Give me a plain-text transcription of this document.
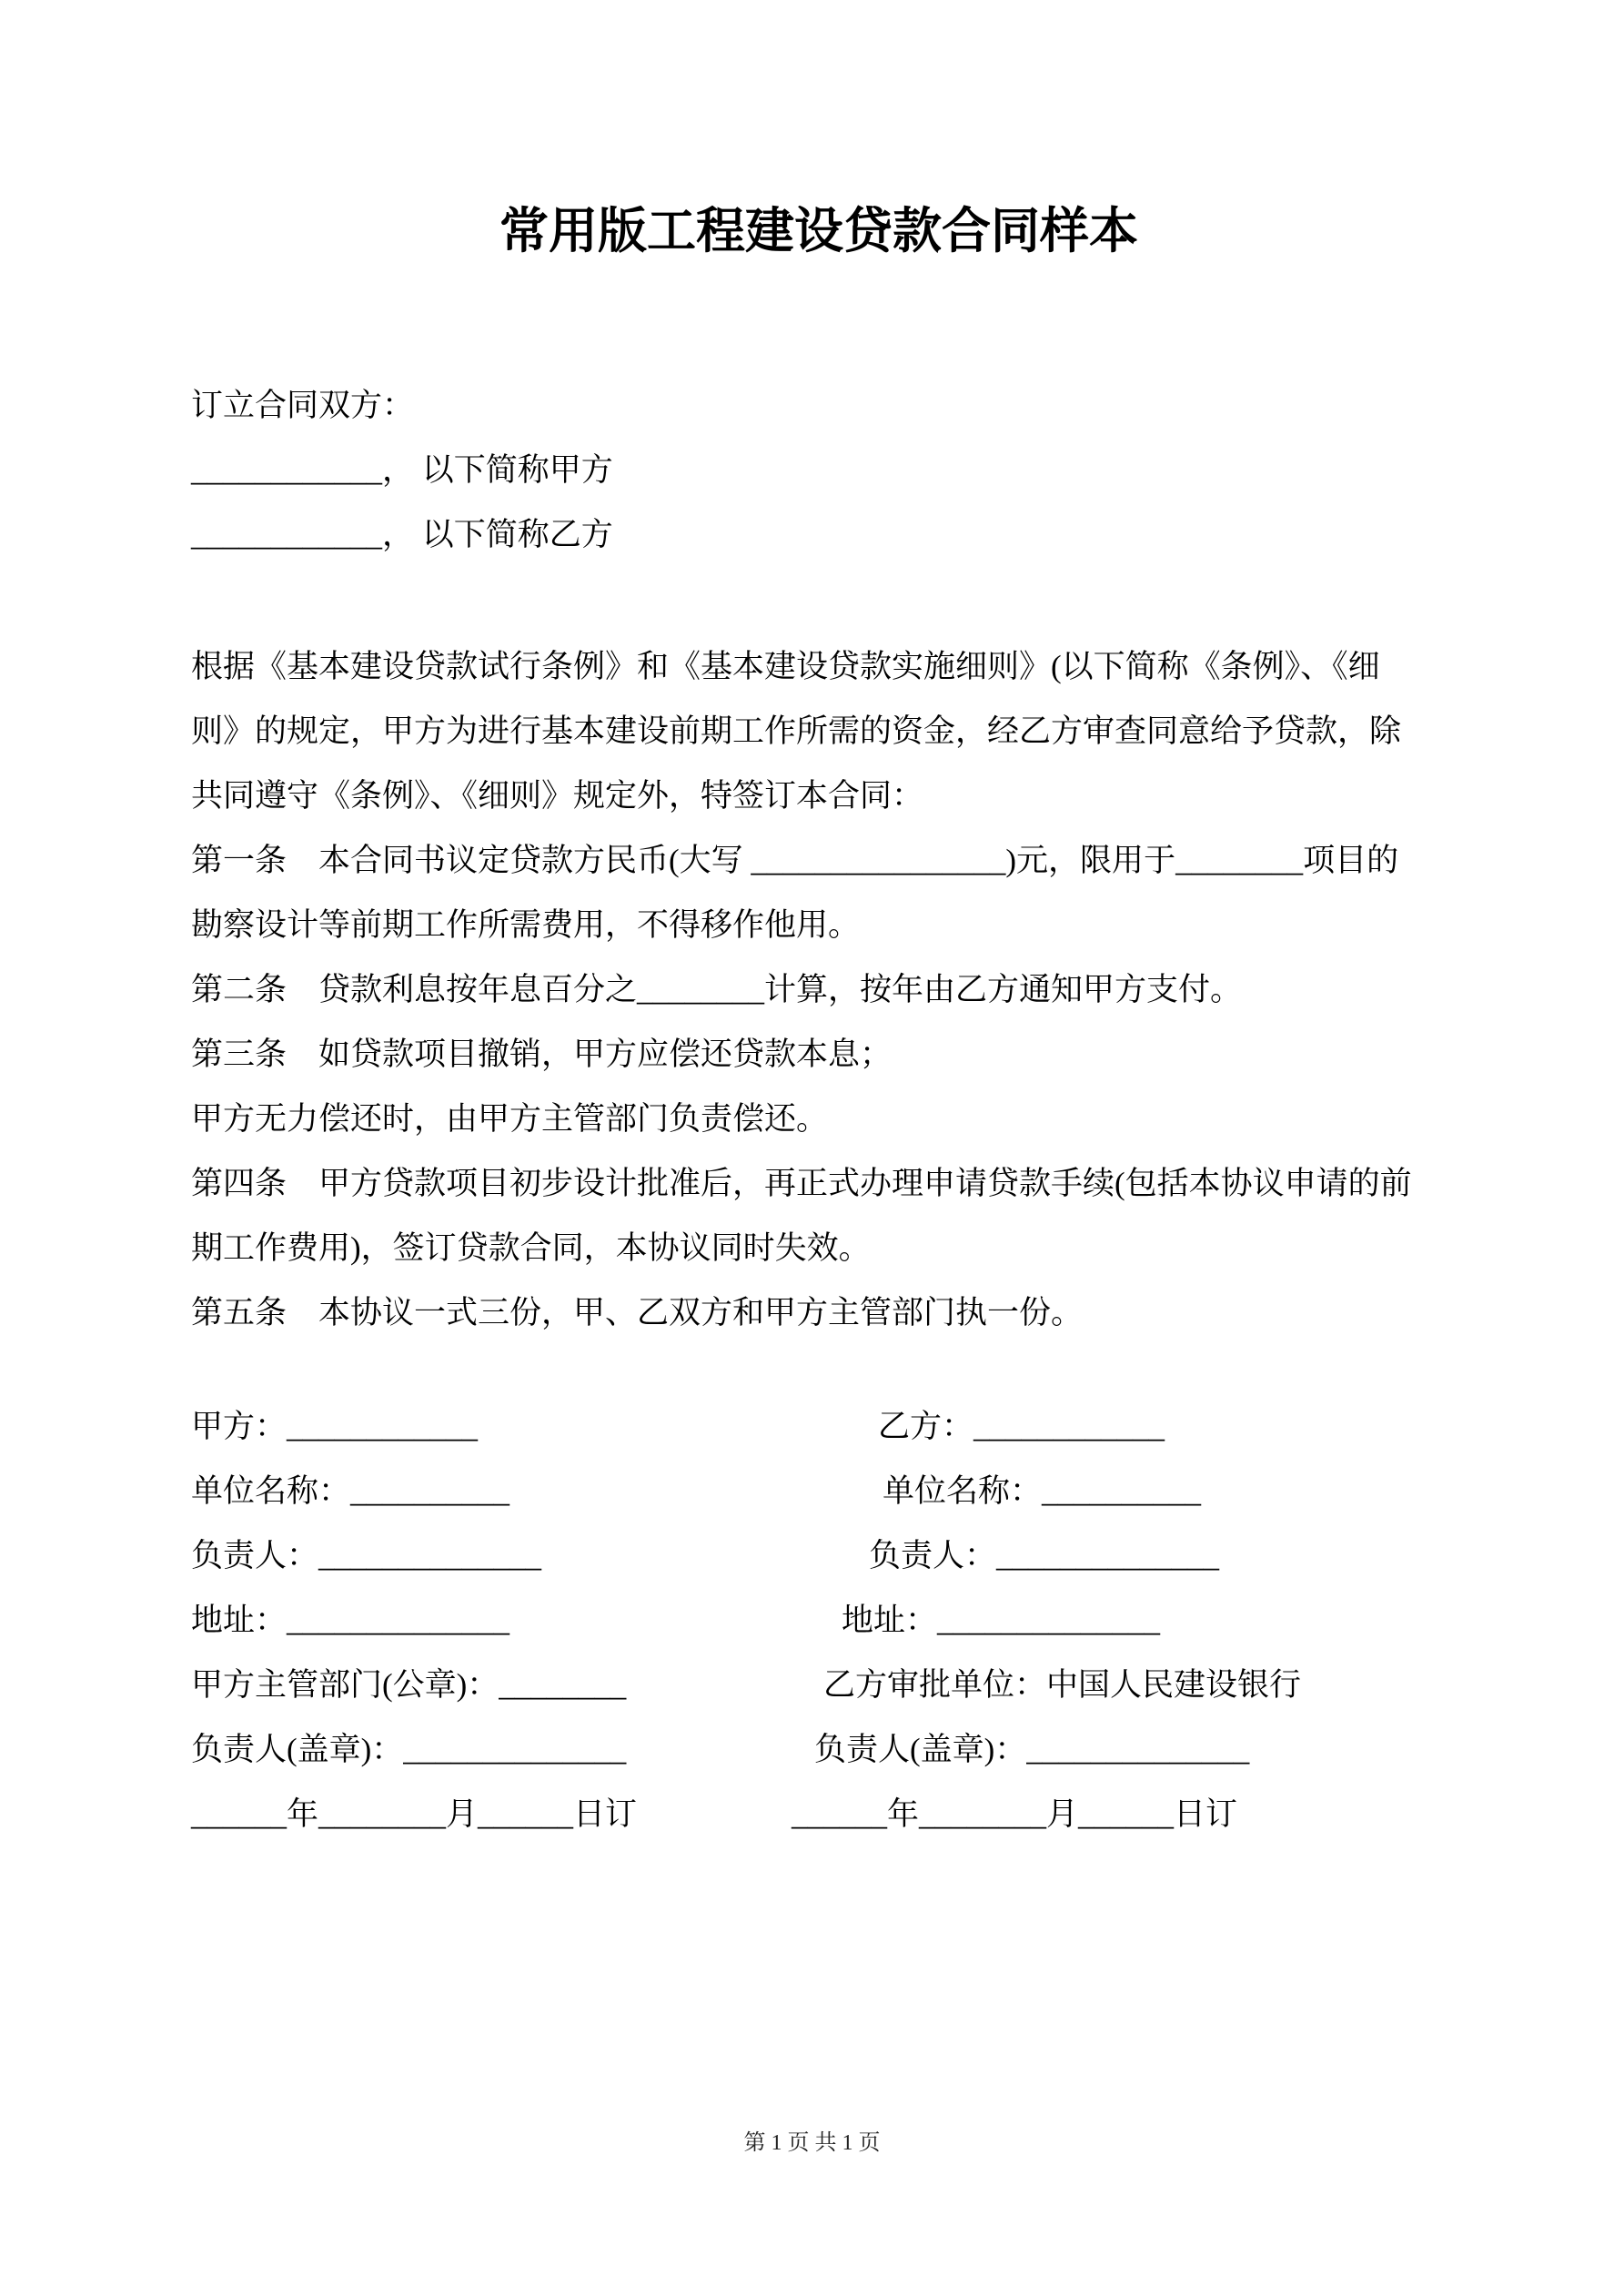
常用版工程建设贷款合同样本
订立合同双方：
____________， 以下简称甲方
____________， 以下简称乙方
根据《基本建设贷款试行条例》和《基本建设贷款实施细则》(以下简称《条例》、《细
则》的规定，甲方为进行基本建设前期工作所需的资金，经乙方审查同意给予贷款，除
共同遵守《条例》、《细则》规定外，特签订本合同：
第一条　本合同书议定贷款方民币(大写 ________________)元，限用于________项目的
勘察设计等前期工作所需费用，不得移作他用。
第二条　贷款利息按年息百分之________计算，按年由乙方通知甲方支付。
第三条　如贷款项目撤销，甲方应偿还贷款本息；
甲方无力偿还时，由甲方主管部门负责偿还。
第四条　甲方贷款项目初步设计批准后，再正式办理申请贷款手续(包括本协议申请的前
期工作费用)，签订贷款合同，本协议同时失效。
第五条　本协议一式三份，甲、乙双方和甲方主管部门执一份。
甲方：____________	乙方：____________
单位名称：__________	单位名称：__________
负责人：______________	负责人：______________
地址：______________	地址：______________
甲方主管部门(公章)：________	乙方审批单位：中国人民建设银行
负责人(盖章)：______________	负责人(盖章)：______________
______年________月______日订	______年________月______日订
第 1 页 共 1 页
